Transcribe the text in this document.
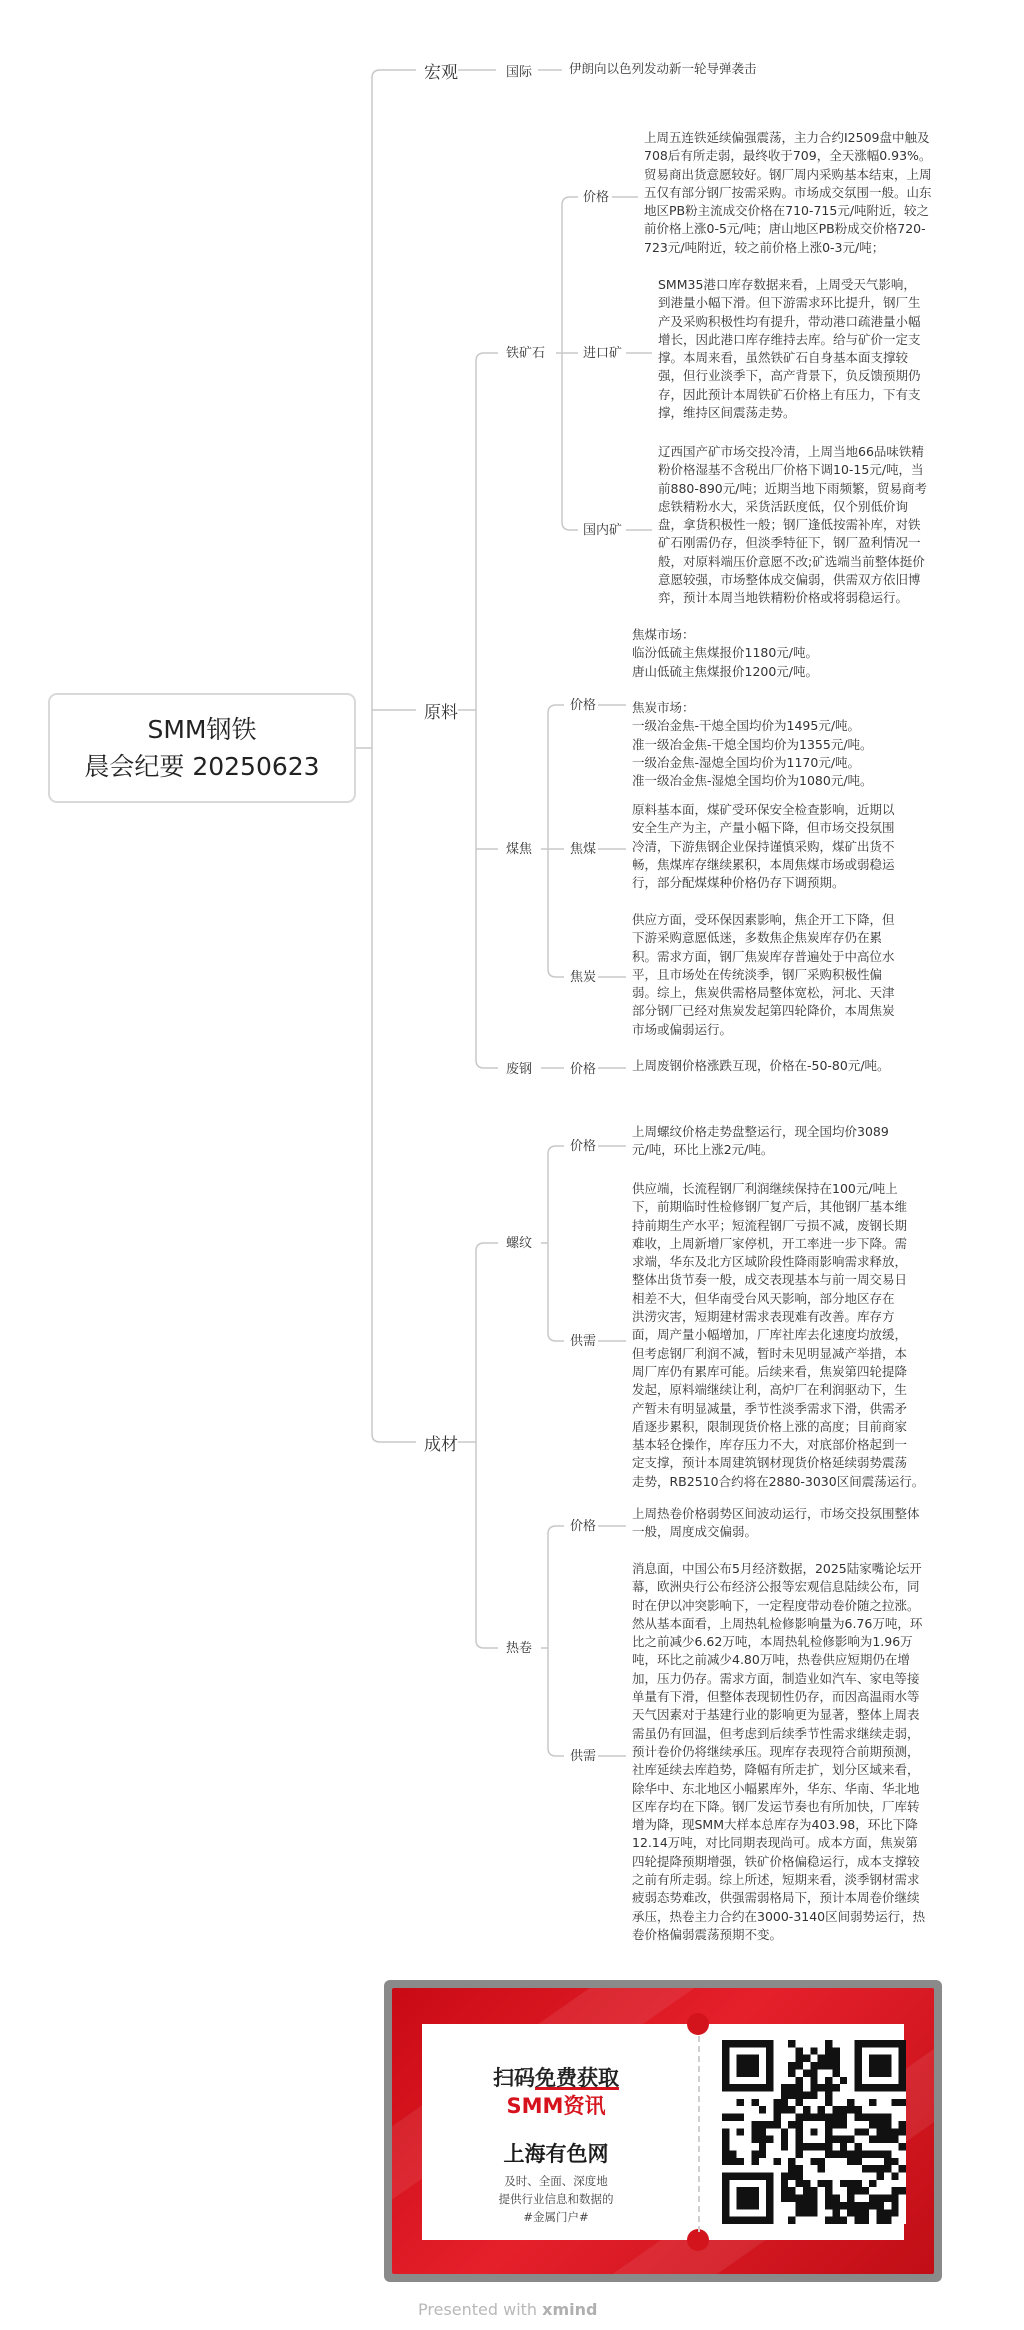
SMM钢铁
晨会纪要 20250623
宏观
原料
成材
国际	伊朗向以色列发动新一轮导弹袭击
铁矿石
价格
上周五连铁延续偏强震荡，主力合约I2509盘中触及
708后有所走弱，最终收于709，全天涨幅0.93%。
贸易商出货意愿较好。钢厂周内采购基本结束，上周
五仅有部分钢厂按需采购。市场成交氛围一般。山东
地区PB粉主流成交价格在710-715元/吨附近，较之
前价格上涨0-5元/吨；唐山地区PB粉成交价格720-
723元/吨附近，较之前价格上涨0-3元/吨；
进口矿
SMM35港口库存数据来看，上周受天气影响，
到港量小幅下滑。但下游需求环比提升，钢厂生
产及采购积极性均有提升，带动港口疏港量小幅
增长，因此港口库存维持去库。给与矿价一定支
撑。本周来看，虽然铁矿石自身基本面支撑较
强，但行业淡季下，高产背景下，负反馈预期仍
存，因此预计本周铁矿石价格上有压力，下有支
撑，维持区间震荡走势。
国内矿
辽西国产矿市场交投冷清，上周当地66品味铁精
粉价格湿基不含税出厂价格下调10-15元/吨，当
前880-890元/吨；近期当地下雨频繁，贸易商考
虑铁精粉水大，采货活跃度低，仅个别低价询
盘，拿货积极性一般；钢厂逢低按需补库，对铁
矿石刚需仍存，但淡季特征下，钢厂盈利情况一
般，对原料端压价意愿不改;矿选端当前整体挺价
意愿较强，市场整体成交偏弱，供需双方依旧博
弈，预计本周当地铁精粉价格或将弱稳运行。
煤焦
价格
焦煤市场：
临汾低硫主焦煤报价1180元/吨。
唐山低硫主焦煤报价1200元/吨。

焦炭市场：
一级冶金焦-干熄全国均价为1495元/吨。
准一级冶金焦-干熄全国均价为1355元/吨。
一级冶金焦-湿熄全国均价为1170元/吨。
准一级冶金焦-湿熄全国均价为1080元/吨。
焦煤
原料基本面，煤矿受环保安全检查影响，近期以
安全生产为主，产量小幅下降，但市场交投氛围
冷清，下游焦钢企业保持谨慎采购，煤矿出货不
畅，焦煤库存继续累积，本周焦煤市场或弱稳运
行，部分配煤煤种价格仍存下调预期。
焦炭
供应方面，受环保因素影响，焦企开工下降，但
下游采购意愿低迷，多数焦企焦炭库存仍在累
积。需求方面，钢厂焦炭库存普遍处于中高位水
平，且市场处在传统淡季，钢厂采购积极性偏
弱。综上，焦炭供需格局整体宽松，河北、天津
部分钢厂已经对焦炭发起第四轮降价，本周焦炭
市场或偏弱运行。
废钢	价格	上周废钢价格涨跌互现，价格在-50-80元/吨。
螺纹
价格
上周螺纹价格走势盘整运行，现全国均价3089
元/吨，环比上涨2元/吨。
供需
供应端，长流程钢厂利润继续保持在100元/吨上
下，前期临时性检修钢厂复产后，其他钢厂基本维
持前期生产水平；短流程钢厂亏损不减，废钢长期
难收，上周新增厂家停机，开工率进一步下降。需
求端，华东及北方区域阶段性降雨影响需求释放，
整体出货节奏一般，成交表现基本与前一周交易日
相差不大，但华南受台风天影响，部分地区存在
洪涝灾害，短期建材需求表现难有改善。库存方
面，周产量小幅增加，厂库社库去化速度均放缓，
但考虑钢厂利润不减，暂时未见明显减产举措，本
周厂库仍有累库可能。后续来看，焦炭第四轮提降
发起，原料端继续让利，高炉厂在利润驱动下，生
产暂未有明显减量，季节性淡季需求下滑，供需矛
盾逐步累积，限制现货价格上涨的高度；目前商家
基本轻仓操作，库存压力不大，对底部价格起到一
定支撑，预计本周建筑钢材现货价格延续弱势震荡
走势，RB2510合约将在2880-3030区间震荡运行。
热卷
价格
上周热卷价格弱势区间波动运行，市场交投氛围整体
一般，周度成交偏弱。
供需
消息面，中国公布5月经济数据，2025陆家嘴论坛开
幕，欧洲央行公布经济公报等宏观信息陆续公布，同
时在伊以冲突影响下，一定程度带动卷价随之拉涨。
然从基本面看，上周热轧检修影响量为6.76万吨，环
比之前减少6.62万吨，本周热轧检修影响为1.96万
吨，环比之前减少4.80万吨，热卷供应短期仍在增
加，压力仍存。需求方面，制造业如汽车、家电等接
单量有下滑，但整体表现韧性仍存，而因高温雨水等
天气因素对于基建行业的影响更为显著，整体上周表
需虽仍有回温，但考虑到后续季节性需求继续走弱，
预计卷价仍将继续承压。现库存表现符合前期预测，
社库延续去库趋势，降幅有所走扩，划分区域来看，
除华中、东北地区小幅累库外，华东、华南、华北地
区库存均在下降。钢厂发运节奏也有所加快，厂库转
增为降，现SMM大样本总库存为403.98，环比下降
12.14万吨，对比同期表现尚可。成本方面，焦炭第
四轮提降预期增强，铁矿价格偏稳运行，成本支撑较
之前有所走弱。综上所述，短期来看，淡季钢材需求
疲弱态势难改，供强需弱格局下，预计本周卷价继续
承压，热卷主力合约在3000-3140区间弱势运行，热
卷价格偏弱震荡预期不变。
扫码免费获取
SMM资讯
上海有色网
及时、全面、深度地
提供行业信息和数据的
#金属门户#
Presented with xmind
